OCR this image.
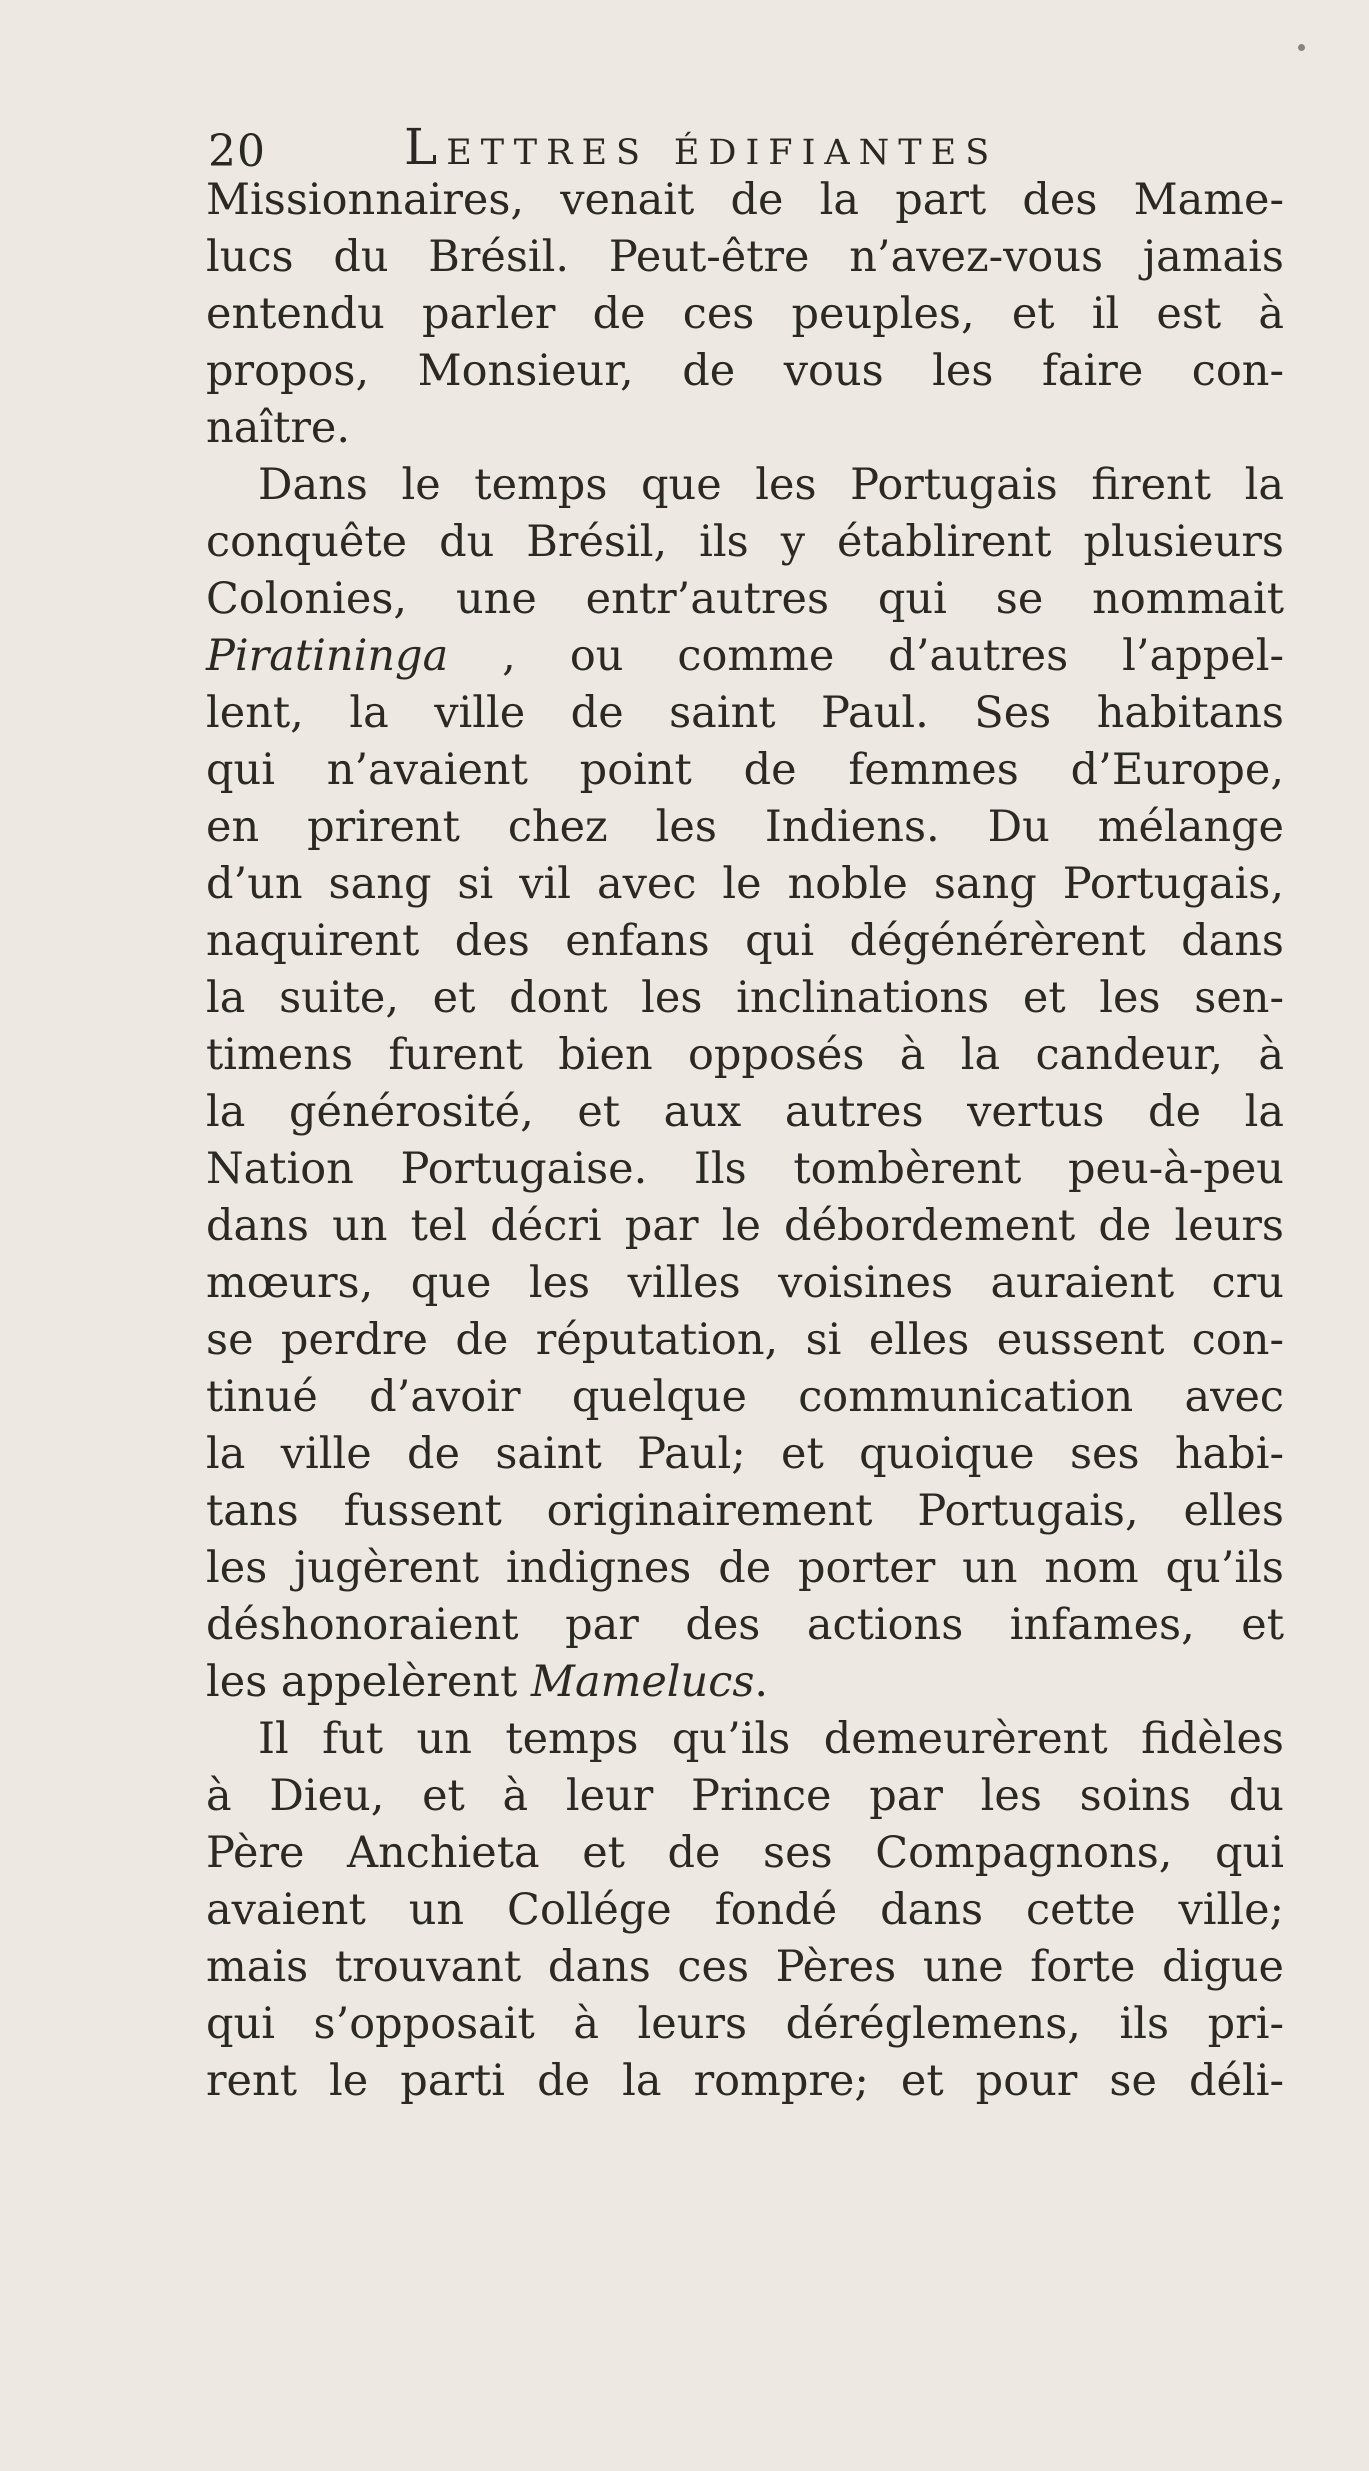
20	Lettres édifiantes
Missionnaires, venait de la part des Mame-
lucs du Brésil. Peut-être n’avez-vous jamais
entendu parler de ces peuples, et il est à
propos, Monsieur, de vous les faire con-
naître.
Dans le temps que les Portugais firent la
conquête du Brésil, ils y établirent plusieurs
Colonies, une entr’autres qui se nommait
Piratininga , ou comme d’autres l’appel-
lent, la ville de saint Paul. Ses habitans
qui n’avaient point de femmes d’Europe,
en prirent chez les Indiens. Du mélange
d’un sang si vil avec le noble sang Portugais,
naquirent des enfans qui dégénérèrent dans
la suite, et dont les inclinations et les sen-
timens furent bien opposés à la candeur, à
la générosité, et aux autres vertus de la
Nation Portugaise. Ils tombèrent peu-à-peu
dans un tel décri par le débordement de leurs
mœurs, que les villes voisines auraient cru
se perdre de réputation, si elles eussent con-
tinué d’avoir quelque communication avec
la ville de saint Paul; et quoique ses habi-
tans fussent originairement Portugais, elles
les jugèrent indignes de porter un nom qu’ils
déshonoraient par des actions infames, et
les appelèrent Mamelucs.
Il fut un temps qu’ils demeurèrent fidèles
à Dieu, et à leur Prince par les soins du
Père Anchieta et de ses Compagnons, qui
avaient un Collége fondé dans cette ville;
mais trouvant dans ces Pères une forte digue
qui s’opposait à leurs déréglemens, ils pri-
rent le parti de la rompre; et pour se déli-
